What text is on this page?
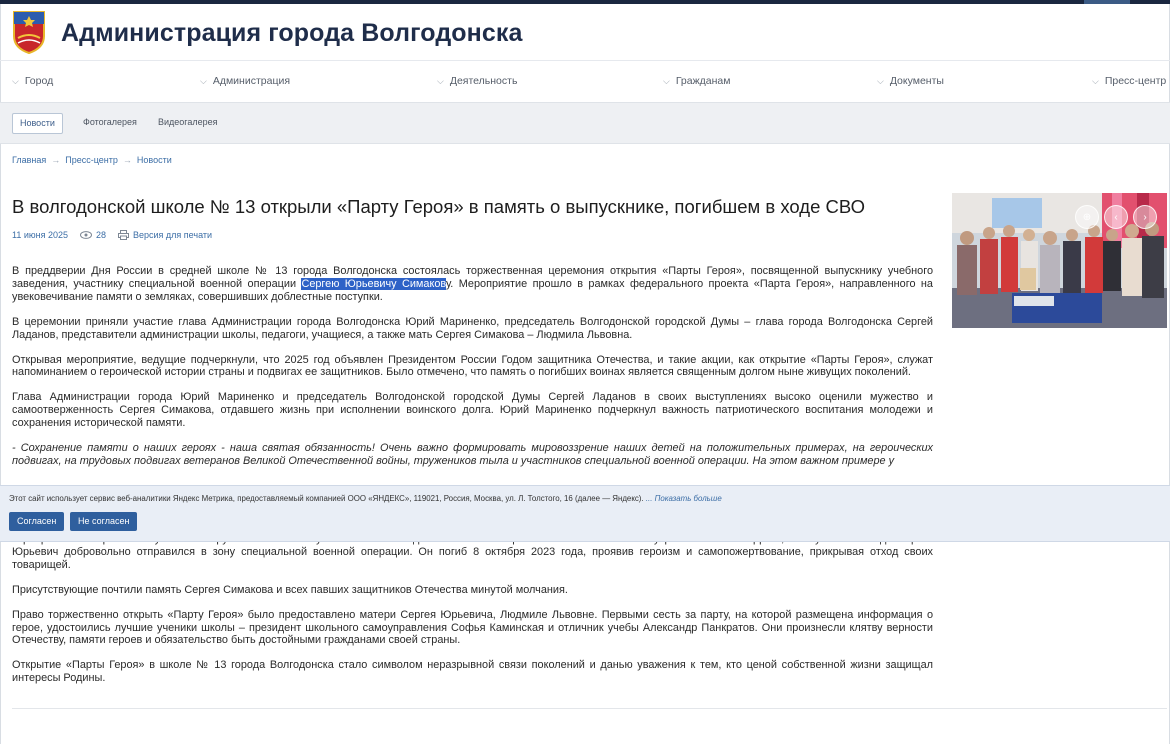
Администрация города Волгодонска
⌵ Город	⌵ Администрация	⌵ Деятельность	⌵ Гражданам	⌵ Документы	⌵ Пресс-центр
Новости	Фотогалерея	Видеогалерея
Главная → Пресс-центр → Новости
В волгодонской школе № 13 открыли «Парту Героя» в память о выпускнике, погибшем в ходе СВО
11 июня 2025	28	Версия для печати
⊕	‹	›

В преддверии Дня России в средней школе № 13 города Волгодонска состоялась торжественная церемония открытия «Парты Героя», посвященной выпускнику учебного заведения, участнику специальной военной операции Сергею Юрьевичу Симакову. Мероприятие прошло в рамках федерального проекта «Парта Героя», направленного на увековечивание памяти о земляках, совершивших доблестные поступки.

В церемонии приняли участие глава Администрации города Волгодонска Юрий Мариненко, председатель Волгодонской городской Думы – глава города Волгодонска Сергей Ладанов, представители администрации школы, педагоги, учащиеся, а также мать Сергея Симакова – Людмила Львовна.

Открывая мероприятие, ведущие подчеркнули, что 2025 год объявлен Президентом России Годом защитника Отечества, и такие акции, как открытие «Парты Героя», служат напоминанием о героической истории страны и подвигах ее защитников. Было отмечено, что память о погибших воинах является священным долгом ныне живущих поколений.

Глава Администрации города Юрий Мариненко и председатель Волгодонской городской Думы Сергей Ладанов в своих выступлениях высоко оценили мужество и самоотверженность Сергея Симакова, отдавшего жизнь при исполнении воинского долга. Юрий Мариненко подчеркнул важность патриотического воспитания молодежи и сохранения исторической памяти.

- Сохранение памяти о наших героях - наша святая обязанность! Очень важно формировать мировоззрение наших детей на положительных примерах, на героических подвигах, на трудовых подвигах ветеранов Великой Отечественной войны, тружеников тыла и участников специальной военной операции. На этом важном примере у

Юрьевич добровольно отправился в зону специальной военной операции. Он погиб 8 октября 2023 года, проявив героизм и самопожертвование, прикрывая отход своих товарищей.

Присутствующие почтили память Сергея Симакова и всех павших защитников Отечества минутой молчания.

Право торжественно открыть «Парту Героя» было предоставлено матери Сергея Юрьевича, Людмиле Львовне. Первыми сесть за парту, на которой размещена информация о герое, удостоились лучшие ученики школы – президент школьного самоуправления Софья Каминская и отличник учебы Александр Панкратов. Они произнесли клятву верности Отечеству, памяти героев и обязательство быть достойными гражданами своей страны.

Открытие «Парты Героя» в школе № 13 города Волгодонска стало символом неразрывной связи поколений и данью уважения к тем, кто ценой собственной жизни защищал интересы Родины.

Этот сайт использует сервис веб-аналитики Яндекс Метрика, предоставляемый компанией ООО «ЯНДЕКС», 119021, Россия, Москва, ул. Л. Толстого, 16 (далее — Яндекс). ... Показать больше
Согласен	Не согласен
